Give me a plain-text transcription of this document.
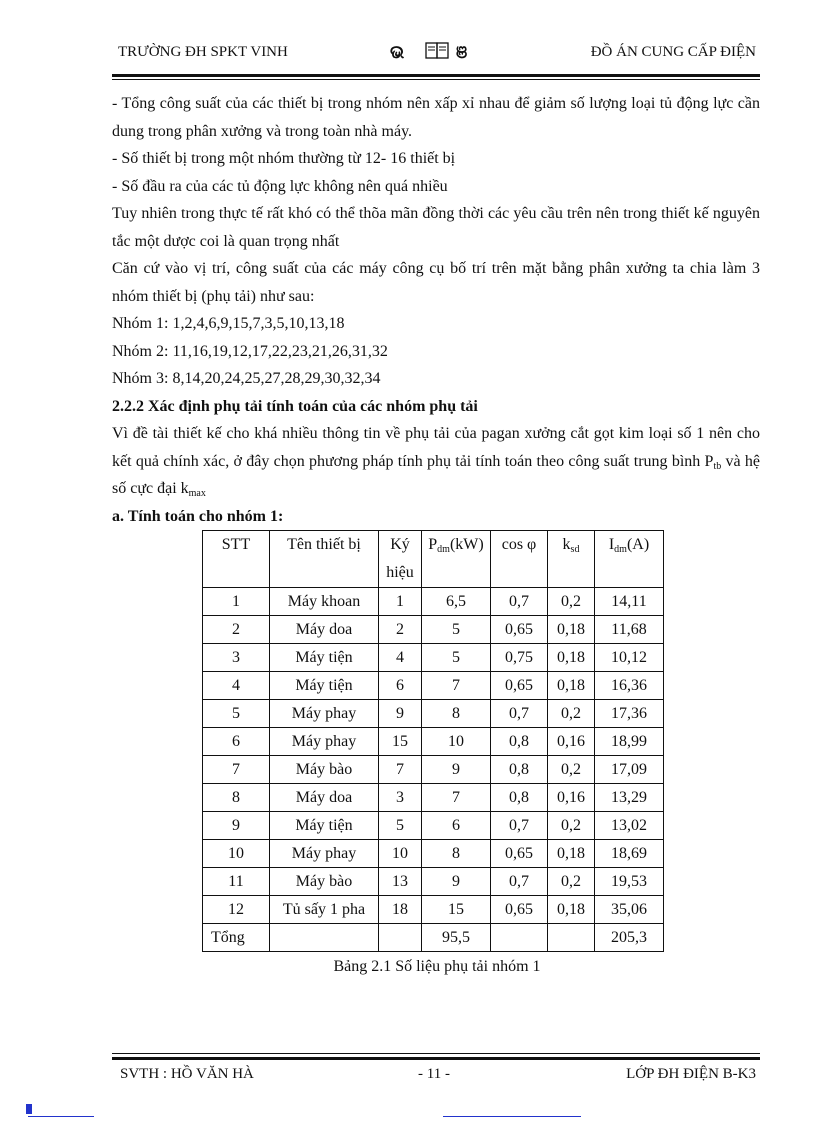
TRƯỜNG ĐH SPKT VINH	ଭ	ଞ	ĐỒ ÁN CUNG CẤP ĐIỆN

- Tổng công suất của các thiết bị trong nhóm nên xấp xỉ nhau để giảm số lượng loại tủ động lực cần dung trong phân xưởng và trong toàn nhà máy.

- Số thiết bị trong một nhóm thường từ 12- 16 thiết bị

- Số đầu ra của các tủ động lực không nên quá nhiều

Tuy nhiên trong thực tế rất khó có thể thõa mãn đồng thời các yêu cầu trên nên trong thiết kế nguyên tắc một dược coi là quan trọng nhất

Căn cứ vào vị trí, công suất của các máy công cụ bố trí trên mặt bằng phân xưởng ta chia làm 3 nhóm thiết bị (phụ tải) như sau:

Nhóm 1: 1,2,4,6,9,15,7,3,5,10,13,18

Nhóm 2: 11,16,19,12,17,22,23,21,26,31,32

Nhóm 3: 8,14,20,24,25,27,28,29,30,32,34

2.2.2 Xác định phụ tải tính toán của các nhóm phụ tải

Vì đề tài thiết kế cho khá nhiều thông tin về phụ tải của pagan xưởng cắt gọt kim loại số 1 nên cho kết quả chính xác, ở đây chọn phương pháp tính phụ tải tính toán theo công suất trung bình $P_{tb}$ và hệ số cực đại $k_{max}$

a. Tính toán cho nhóm 1:
STT	Tên thiết bị	Ký
hiệu	$P_{dm}(kW)$	cos φ	$k_{sd}$	$I_{dm}(A)$
1	Máy khoan	1	6,5	0,7	0,2	14,11
2	Máy doa	2	5	0,65	0,18	11,68
3	Máy tiện	4	5	0,75	0,18	10,12
4	Máy tiện	6	7	0,65	0,18	16,36
5	Máy phay	9	8	0,7	0,2	17,36
6	Máy phay	15	10	0,8	0,16	18,99
7	Máy bào	7	9	0,8	0,2	17,09
8	Máy doa	3	7	0,8	0,16	13,29
9	Máy tiện	5	6	0,7	0,2	13,02
10	Máy phay	10	8	0,65	0,18	18,69
11	Máy bào	13	9	0,7	0,2	19,53
12	Tủ sấy 1 pha	18	15	0,65	0,18	35,06
Tổng			95,5			205,3
Bảng 2.1 Số liệu phụ tải nhóm 1
SVTH : HỒ VĂN HÀ	- 11 -	LỚP ĐH ĐIỆN B-K3
